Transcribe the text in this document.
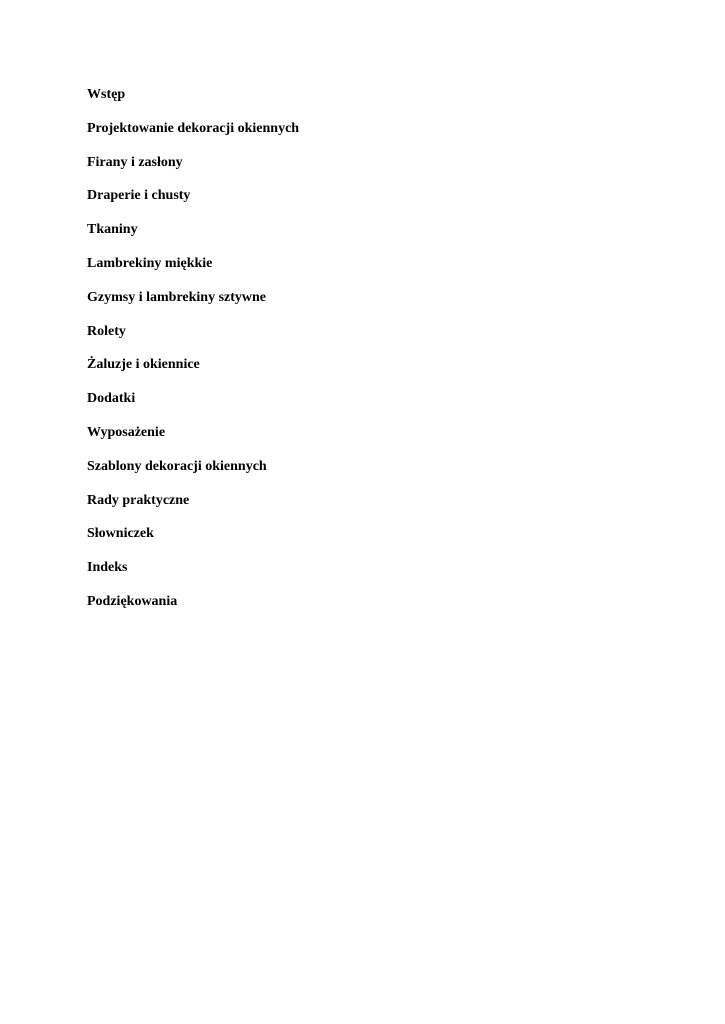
Wstęp
Projektowanie dekoracji okiennych
Firany i zasłony
Draperie i chusty
Tkaniny
Lambrekiny miękkie
Gzymsy i lambrekiny sztywne
Rolety
Żaluzje i okiennice
Dodatki
Wyposażenie
Szablony dekoracji okiennych
Rady praktyczne
Słowniczek
Indeks
Podziękowania
